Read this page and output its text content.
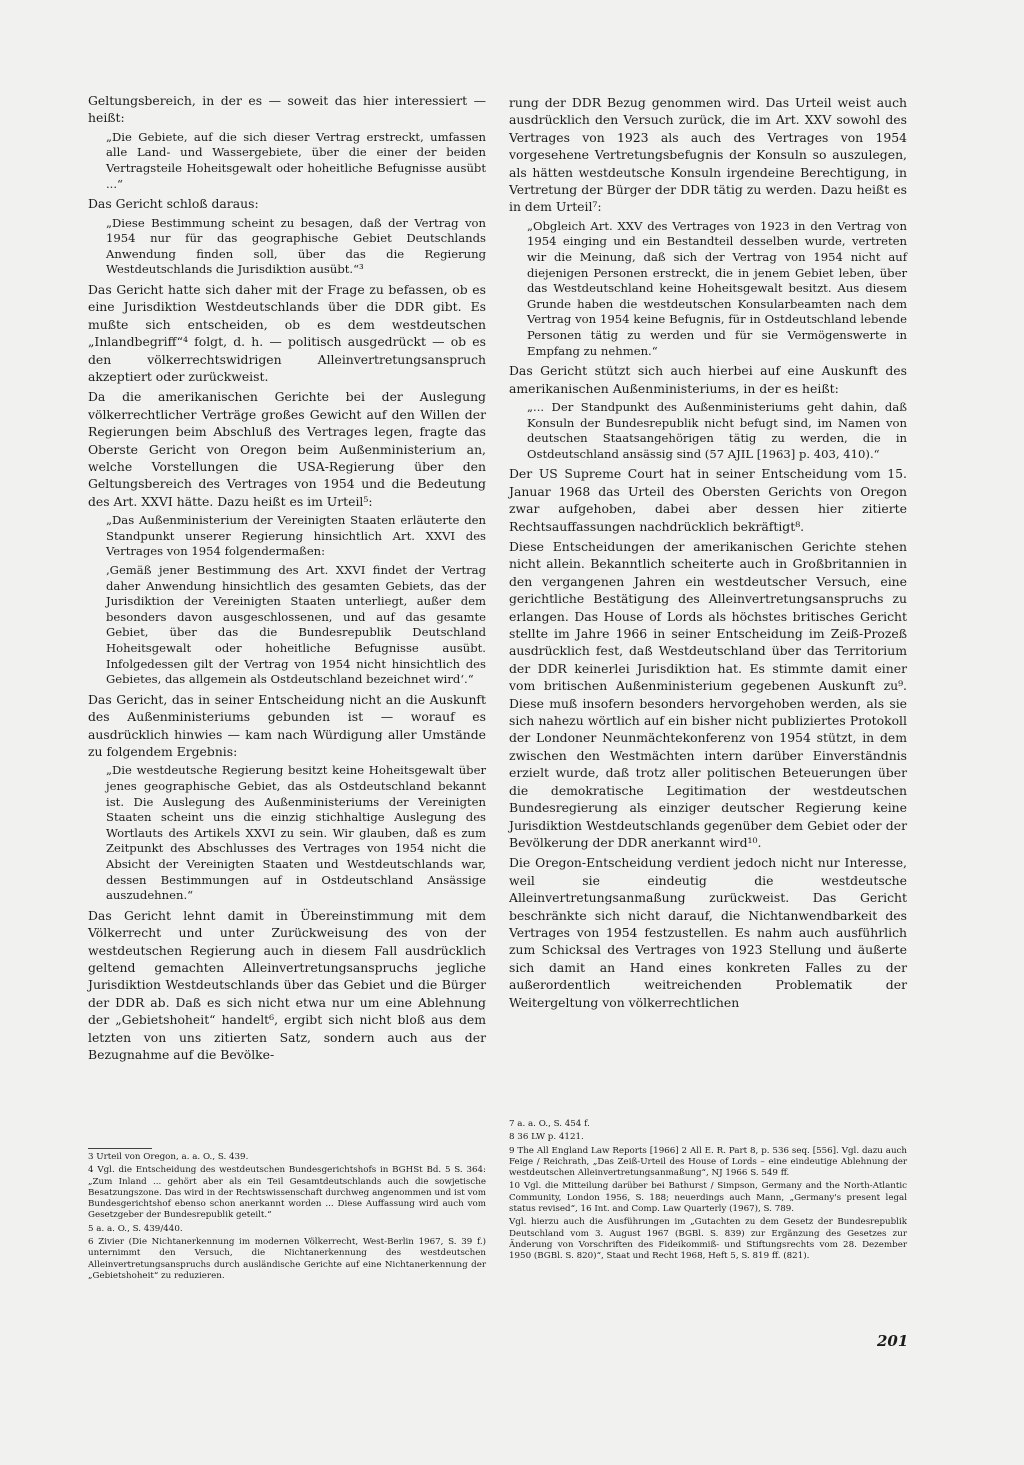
Geltungsbereich, in der es — soweit das hier interessiert — heißt:
„Die Gebiete, auf die sich dieser Vertrag erstreckt, umfassen alle Land- und Wassergebiete, über die einer der beiden Vertragsteile Hoheitsgewalt oder hoheitliche Befugnisse ausübt ...“
Das Gericht schloß daraus:
„Diese Bestimmung scheint zu besagen, daß der Vertrag von 1954 nur für das geographische Gebiet Deutschlands Anwendung finden soll, über das die Regierung Westdeutschlands die Jurisdiktion ausübt.“³
Das Gericht hatte sich daher mit der Frage zu befassen, ob es eine Jurisdiktion Westdeutschlands über die DDR gibt. Es mußte sich entscheiden, ob es dem westdeutschen „Inlandbegriff“⁴ folgt, d. h. — politisch ausgedrückt — ob es den völkerrechtswidrigen Alleinvertretungsanspruch akzeptiert oder zurückweist.
Da die amerikanischen Gerichte bei der Auslegung völkerrechtlicher Verträge großes Gewicht auf den Willen der Regierungen beim Abschluß des Vertrages legen, fragte das Oberste Gericht von Oregon beim Außenministerium an, welche Vorstellungen die USA-Regierung über den Geltungsbereich des Vertrages von 1954 und die Bedeutung des Art. XXVI hätte. Dazu heißt es im Urteil⁵:
„Das Außenministerium der Vereinigten Staaten erläuterte den Standpunkt unserer Regierung hinsichtlich Art. XXVI des Vertrages von 1954 folgendermaßen:
‚Gemäß jener Bestimmung des Art. XXVI findet der Vertrag daher Anwendung hinsichtlich des gesamten Gebiets, das der Jurisdiktion der Vereinigten Staaten unterliegt, außer dem besonders davon ausgeschlossenen, und auf das gesamte Gebiet, über das die Bundesrepublik Deutschland Hoheitsgewalt oder hoheitliche Befugnisse ausübt. Infolgedessen gilt der Vertrag von 1954 nicht hinsichtlich des Gebietes, das allgemein als Ostdeutschland bezeichnet wird‘.“
Das Gericht, das in seiner Entscheidung nicht an die Auskunft des Außenministeriums gebunden ist — worauf es ausdrücklich hinwies — kam nach Würdigung aller Umstände zu folgendem Ergebnis:
„Die westdeutsche Regierung besitzt keine Hoheitsgewalt über jenes geographische Gebiet, das als Ostdeutschland bekannt ist. Die Auslegung des Außenministeriums der Vereinigten Staaten scheint uns die einzig stichhaltige Auslegung des Wortlauts des Artikels XXVI zu sein. Wir glauben, daß es zum Zeitpunkt des Abschlusses des Vertrages von 1954 nicht die Absicht der Vereinigten Staaten und Westdeutschlands war, dessen Bestimmungen auf in Ostdeutschland Ansässige auszudehnen.“
Das Gericht lehnt damit in Übereinstimmung mit dem Völkerrecht und unter Zurückweisung des von der westdeutschen Regierung auch in diesem Fall ausdrücklich geltend gemachten Alleinvertretungsanspruchs jegliche Jurisdiktion Westdeutschlands über das Gebiet und die Bürger der DDR ab. Daß es sich nicht etwa nur um eine Ablehnung der „Gebietshoheit“ handelt⁶, ergibt sich nicht bloß aus dem letzten von uns zitierten Satz, sondern auch aus der Bezugnahme auf die Bevölke-
rung der DDR Bezug genommen wird. Das Urteil weist auch ausdrücklich den Versuch zurück, die im Art. XXV sowohl des Vertrages von 1923 als auch des Vertrages von 1954 vorgesehene Vertretungsbefugnis der Konsuln so auszulegen, als hätten westdeutsche Konsuln irgendeine Berechtigung, in Vertretung der Bürger der DDR tätig zu werden. Dazu heißt es in dem Urteil⁷:
„Obgleich Art. XXV des Vertrages von 1923 in den Vertrag von 1954 einging und ein Bestandteil desselben wurde, vertreten wir die Meinung, daß sich der Vertrag von 1954 nicht auf diejenigen Personen erstreckt, die in jenem Gebiet leben, über das Westdeutschland keine Hoheitsgewalt besitzt. Aus diesem Grunde haben die westdeutschen Konsularbeamten nach dem Vertrag von 1954 keine Befugnis, für in Ostdeutschland lebende Personen tätig zu werden und für sie Vermögenswerte in Empfang zu nehmen.“
Das Gericht stützt sich auch hierbei auf eine Auskunft des amerikanischen Außenministeriums, in der es heißt:
„... Der Standpunkt des Außenministeriums geht dahin, daß Konsuln der Bundesrepublik nicht befugt sind, im Namen von deutschen Staatsangehörigen tätig zu werden, die in Ostdeutschland ansässig sind (57 AJIL [1963] p. 403, 410).“
Der US Supreme Court hat in seiner Entscheidung vom 15. Januar 1968 das Urteil des Obersten Gerichts von Oregon zwar aufgehoben, dabei aber dessen hier zitierte Rechtsauffassungen nachdrücklich bekräftigt⁸.
Diese Entscheidungen der amerikanischen Gerichte stehen nicht allein. Bekanntlich scheiterte auch in Großbritannien in den vergangenen Jahren ein westdeutscher Versuch, eine gerichtliche Bestätigung des Alleinvertretungsanspruchs zu erlangen. Das House of Lords als höchstes britisches Gericht stellte im Jahre 1966 in seiner Entscheidung im Zeiß-Prozeß ausdrücklich fest, daß Westdeutschland über das Territorium der DDR keinerlei Jurisdiktion hat. Es stimmte damit einer vom britischen Außenministerium gegebenen Auskunft zu⁹. Diese muß insofern besonders hervorgehoben werden, als sie sich nahezu wörtlich auf ein bisher nicht publiziertes Protokoll der Londoner Neunmächtekonferenz von 1954 stützt, in dem zwischen den Westmächten intern darüber Einverständnis erzielt wurde, daß trotz aller politischen Beteuerungen über die demokratische Legitimation der westdeutschen Bundesregierung als einziger deutscher Regierung keine Jurisdiktion Westdeutschlands gegenüber dem Gebiet oder der Bevölkerung der DDR anerkannt wird¹⁰.
Die Oregon-Entscheidung verdient jedoch nicht nur Interesse, weil sie eindeutig die westdeutsche Alleinvertretungsanmaßung zurückweist. Das Gericht beschränkte sich nicht darauf, die Nichtanwendbarkeit des Vertrages von 1954 festzustellen. Es nahm auch ausführlich zum Schicksal des Vertrages von 1923 Stellung und äußerte sich damit an Hand eines konkreten Falles zu der außerordentlich weitreichenden Problematik der Weitergeltung von völkerrechtlichen
3 Urteil von Oregon, a. a. O., S. 439.
4 Vgl. die Entscheidung des westdeutschen Bundesgerichtshofs in BGHSt Bd. 5 S. 364: „Zum Inland ... gehört aber als ein Teil Gesamtdeutschlands auch die sowjetische Besatzungszone. Das wird in der Rechtswissenschaft durchweg angenommen und ist vom Bundesgerichtshof ebenso schon anerkannt worden ... Diese Auffassung wird auch vom Gesetzgeber der Bundesrepublik geteilt.“
5 a. a. O., S. 439/440.
6 Zivier (Die Nichtanerkennung im modernen Völkerrecht, West-Berlin 1967, S. 39 f.) unternimmt den Versuch, die Nichtanerkennung des westdeutschen Alleinvertretungsanspruchs durch ausländische Gerichte auf eine Nichtanerkennung der „Gebietshoheit“ zu reduzieren.
7 a. a. O., S. 454 f.
8 36 LW p. 4121.
9 The All England Law Reports [1966] 2 All E. R. Part 8, p. 536 seq. [556]. Vgl. dazu auch Feige / Reichrath, „Das Zeiß-Urteil des House of Lords – eine eindeutige Ablehnung der westdeutschen Alleinvertretungsanmaßung“, NJ 1966 S. 549 ff.
10 Vgl. die Mitteilung darüber bei Bathurst / Simpson, Germany and the North-Atlantic Community, London 1956, S. 188; neuerdings auch Mann, „Germany's present legal status revised“, 16 Int. and Comp. Law Quarterly (1967), S. 789.
Vgl. hierzu auch die Ausführungen im „Gutachten zu dem Gesetz der Bundesrepublik Deutschland vom 3. August 1967 (BGBl. S. 839) zur Ergänzung des Gesetzes zur Änderung von Vorschriften des Fideikommiß- und Stiftungsrechts vom 28. Dezember 1950 (BGBl. S. 820)“, Staat und Recht 1968, Heft 5, S. 819 ff. (821).
201
